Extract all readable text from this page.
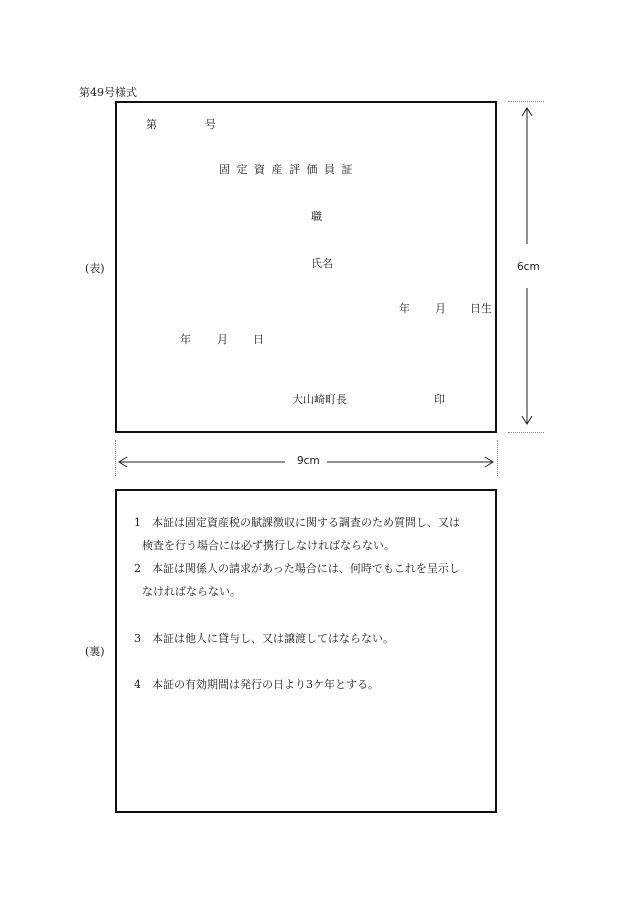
第49号様式
(表)
第	号
固定資産評価員証
職
氏名
年 月 日生
年 月 日
大山崎町長	印
6cm
9cm
(裏)
1 本証は固定資産税の賦課徴収に関する調査のため質問し、又は
検査を行う場合には必ず携行しなければならない。
2 本証は関係人の請求があった場合には、何時でもこれを呈示し
なければならない。
3 本証は他人に貸与し、又は譲渡してはならない。
4 本証の有効期間は発行の日より3ケ年とする。
